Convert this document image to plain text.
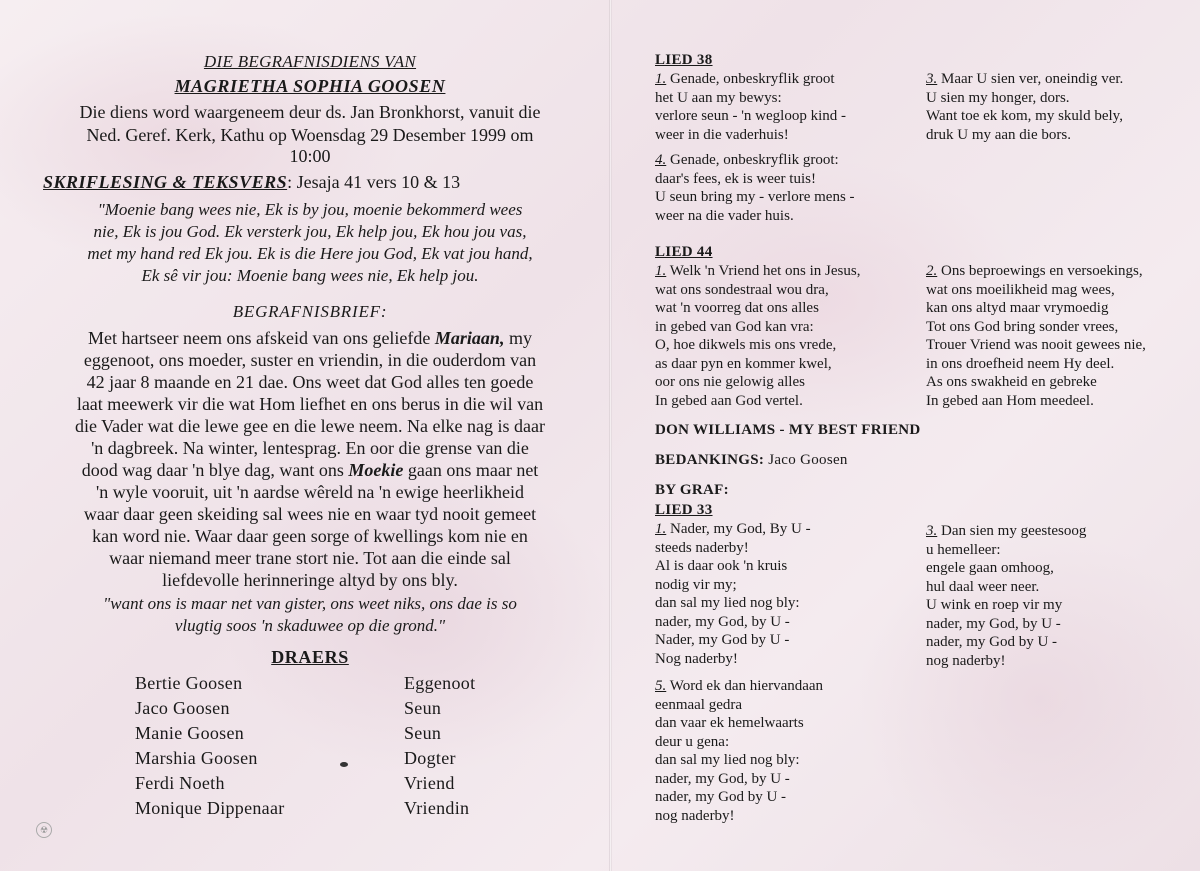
DIE BEGRAFNISDIENS VAN

MAGRIETHA SOPHIA GOOSEN

Die diens word waargeneem deur ds. Jan Bronkhorst, vanuit die

Ned. Geref. Kerk, Kathu op Woensdag 29 Desember 1999 om

10:00

SKRIFLESING & TEKSVERS: Jesaja 41 vers 10 & 13

"Moenie bang wees nie, Ek is by jou, moenie bekommerd wees

nie, Ek is jou God. Ek versterk jou, Ek help jou, Ek hou jou vas,

met my hand red Ek jou. Ek is die Here jou God, Ek vat jou hand,

Ek sê vir jou: Moenie bang wees nie, Ek help jou.

BEGRAFNISBRIEF:

Met hartseer neem ons afskeid van ons geliefde Mariaan, my

eggenoot, ons moeder, suster en vriendin, in die ouderdom van

42 jaar 8 maande en 21 dae. Ons weet dat God alles ten goede

laat meewerk vir die wat Hom liefhet en ons berus in die wil van

die Vader wat die lewe gee en die lewe neem. Na elke nag is daar

'n dagbreek. Na winter, lentesprag. En oor die grense van die

dood wag daar 'n blye dag, want ons Moekie gaan ons maar net

'n wyle vooruit, uit 'n aardse wêreld na 'n ewige heerlikheid

waar daar geen skeiding sal wees nie en waar tyd nooit gemeet

kan word nie. Waar daar geen sorge of kwellings kom nie en

waar niemand meer trane stort nie. Tot aan die einde sal

liefdevolle herinneringe altyd by ons bly.

"want ons is maar net van gister, ons weet niks, ons dae is so

vlugtig soos 'n skaduwee op die grond."

DRAERS

Bertie Goosen	Eggenoot

Jaco Goosen	Seun

Manie Goosen	Seun

Marshia Goosen	Dogter

Ferdi Noeth	Vriend

Monique Dippenaar	Vriendin

☢

LIED 38

1. Genade, onbeskryflik groot
het U aan my bewys:
verlore seun - 'n wegloop kind -
weer in die vaderhuis!
4. Genade, onbeskryflik groot:
daar's fees, ek is weer tuis!
U seun bring my - verlore mens -
weer na die vader huis.
3. Maar U sien ver, oneindig ver.
U sien my honger, dors.
Want toe ek kom, my skuld bely,
druk U my aan die bors.

LIED 44

1. Welk 'n Vriend het ons in Jesus,
wat ons sondestraal wou dra,
wat 'n voorreg dat ons alles
in gebed van God kan vra:
O, hoe dikwels mis ons vrede,
as daar pyn en kommer kwel,
oor ons nie gelowig alles
In gebed aan God vertel.
2. Ons beproewings en versoekings,
wat ons moeilikheid mag wees,
kan ons altyd maar vrymoedig
Tot ons God bring sonder vrees,
Trouer Vriend was nooit gewees nie,
in ons droefheid neem Hy deel.
As ons swakheid en gebreke
In gebed aan Hom meedeel.

DON WILLIAMS - MY BEST FRIEND

BEDANKINGS: Jaco Goosen

BY GRAF:

LIED 33

1. Nader, my God, By U -
steeds naderby!
Al is daar ook 'n kruis
nodig vir my;
dan sal my lied nog bly:
nader, my God, by U -
Nader, my God by U -
Nog naderby!
5. Word ek dan hiervandaan
eenmaal gedra
dan vaar ek hemelwaarts
deur u gena:
dan sal my lied nog bly:
nader, my God, by U -
nader, my God by U -
nog naderby!
3. Dan sien my geestesoog
u hemelleer:
engele gaan omhoog,
hul daal weer neer.
U wink en roep vir my
nader, my God, by U -
nader, my God by U -
nog naderby!
